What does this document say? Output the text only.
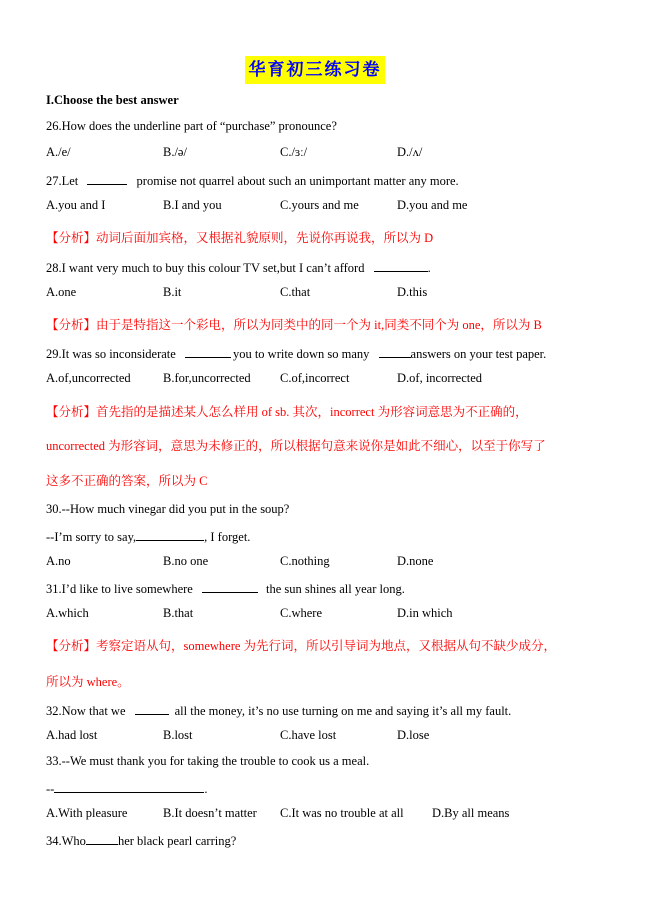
华育初三练习卷
I.Choose the best answer
26.How does the underline part of “purchase” pronounce?
A./e/	B./ə/	C./ɜː/	D./ʌ/
27.Let	promise not quarrel about such an unimportant matter any more.
A.you and I	B.I and you	C.yours and me	D.you and me
【分析】动词后面加宾格，又根据礼貌原则，先说你再说我，所以为 D
28.I want very much to buy this colour TV set,but I can’t afford	.
A.one	B.it	C.that	D.this
【分析】由于是特指这一个彩电，所以为同类中的同一个为 it,同类不同个为 one，所以为 B
29.It was so inconsiderate	you to write down so many	answers on your test paper.
A.of,uncorrected	B.for,uncorrected C.of,incorrect	D.of, incorrected
【分析】首先指的是描述某人怎么样用 of sb. 其次，incorrect 为形容词意思为不正确的，
uncorrected 为形容词，意思为未修正的，所以根据句意来说你是如此不细心，以至于你写了
这多不正确的答案，所以为 C
30.--How much vinegar did you put in the soup?
--I’m sorry to say,	, I forget.
A.no	B.no one	C.nothing	D.none
31.I’d like to live somewhere	the sun shines all year long.
A.which	B.that	C.where	D.in which
【分析】考察定语从句，somewhere 为先行词，所以引导词为地点，又根据从句不缺少成分，
所以为 where。
32.Now that we	all the money, it’s no use turning on me and saying it’s all my fault.
A.had lost	B.lost	C.have lost	D.lose
33.--We must thank you for taking the trouble to cook us a meal.
--	.
A.With pleasure	B.It doesn’t matter C.It was no trouble at all D.By all means
34.Who	her black pearl carring?
